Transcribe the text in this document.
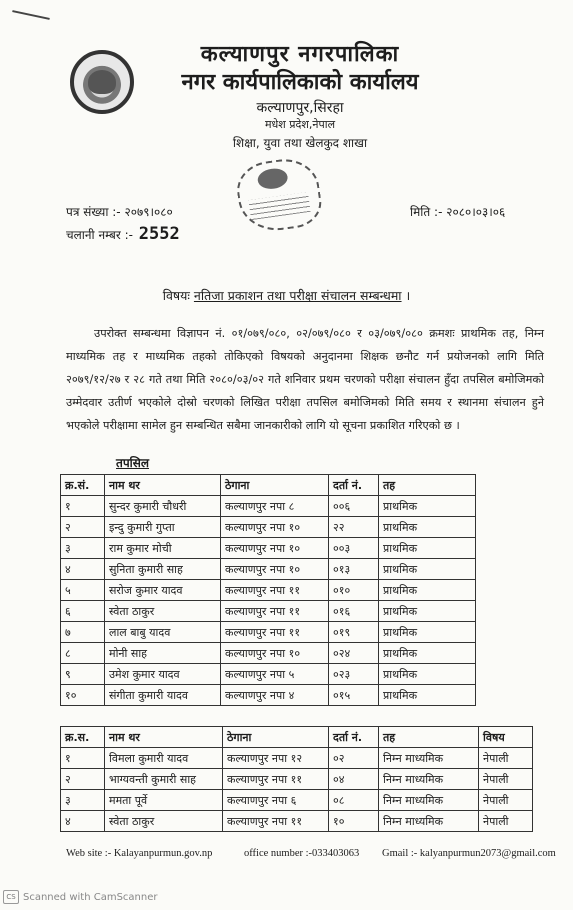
कल्याणपुर नगरपालिका
नगर कार्यपालिकाको कार्यालय
कल्याणपुर,सिरहा
मधेश प्रदेश,नेपाल
शिक्षा, युवा तथा खेलकुद शाखा
पत्र संख्या :- २०७९।०८०
चलानी नम्बर :- 2552
मिति :- २०८०।०३।०६
विषयः नतिजा प्रकाशन तथा परीक्षा संचालन सम्बन्धमा ।
उपरोक्त सम्बन्धमा विज्ञापन नं. ०१/०७९/०८०, ०२/०७९/०८० र ०३/०७९/०८० क्रमशः प्राथमिक तह, निम्न माध्यमिक तह र माध्यमिक तहको तोकिएको विषयको अनुदानमा शिक्षक छनौट गर्न प्रयोजनको लागि मिति २०७९/१२/२७ र २८ गते तथा मिति २०८०/०३/०२ गते शनिवार प्रथम चरणको परीक्षा संचालन हुँदा तपसिल बमोजिमको उम्मेदवार उतीर्ण भएकोले दोस्रो चरणको लिखित परीक्षा तपसिल बमोजिमको मिति समय र स्थानमा संचालन हुने भएकोले परीक्षामा सामेल हुन सम्बन्धित सबैमा जानकारीको लागि यो सूचना प्रकाशित गरिएको छ ।
तपसिल
क्र.सं.	नाम थर	ठेगाना	दर्ता नं.	तह
१	सुन्दर कुमारी चौधरी	कल्याणपुर नपा ८	००६	प्राथमिक
२	इन्दु कुमारी गुप्ता	कल्याणपुर नपा १०	२२	प्राथमिक
३	राम कुमार मोची	कल्याणपुर नपा १०	००३	प्राथमिक
४	सुनिता कुमारी साह	कल्याणपुर नपा १०	०१३	प्राथमिक
५	सरोज कुमार यादव	कल्याणपुर नपा ११	०१०	प्राथमिक
६	स्वेता ठाकुर	कल्याणपुर नपा ११	०१६	प्राथमिक
७	लाल बाबु यादव	कल्याणपुर नपा ११	०१९	प्राथमिक
८	मोनी साह	कल्याणपुर नपा १०	०२४	प्राथमिक
९	उमेश कुमार यादव	कल्याणपुर नपा ५	०२३	प्राथमिक
१०	संगीता कुमारी यादव	कल्याणपुर नपा ४	०१५	प्राथमिक
क्र.स.	नाम थर	ठेगाना	दर्ता नं.	तह	विषय
१	विमला कुमारी यादव	कल्याणपुर नपा १२	०२	निम्न माध्यमिक	नेपाली
२	भाग्यवन्ती कुमारी साह	कल्याणपुर नपा ११	०४	निम्न माध्यमिक	नेपाली
३	ममता पूर्वे	कल्याणपुर नपा ६	०८	निम्न माध्यमिक	नेपाली
४	स्वेता ठाकुर	कल्याणपुर नपा ११	१०	निम्न माध्यमिक	नेपाली
Web site :- Kalayanpurmun.gov.np	office number :-033403063 Gmail :- kalyanpurmun2073@gmail.com
CS Scanned with CamScanner
